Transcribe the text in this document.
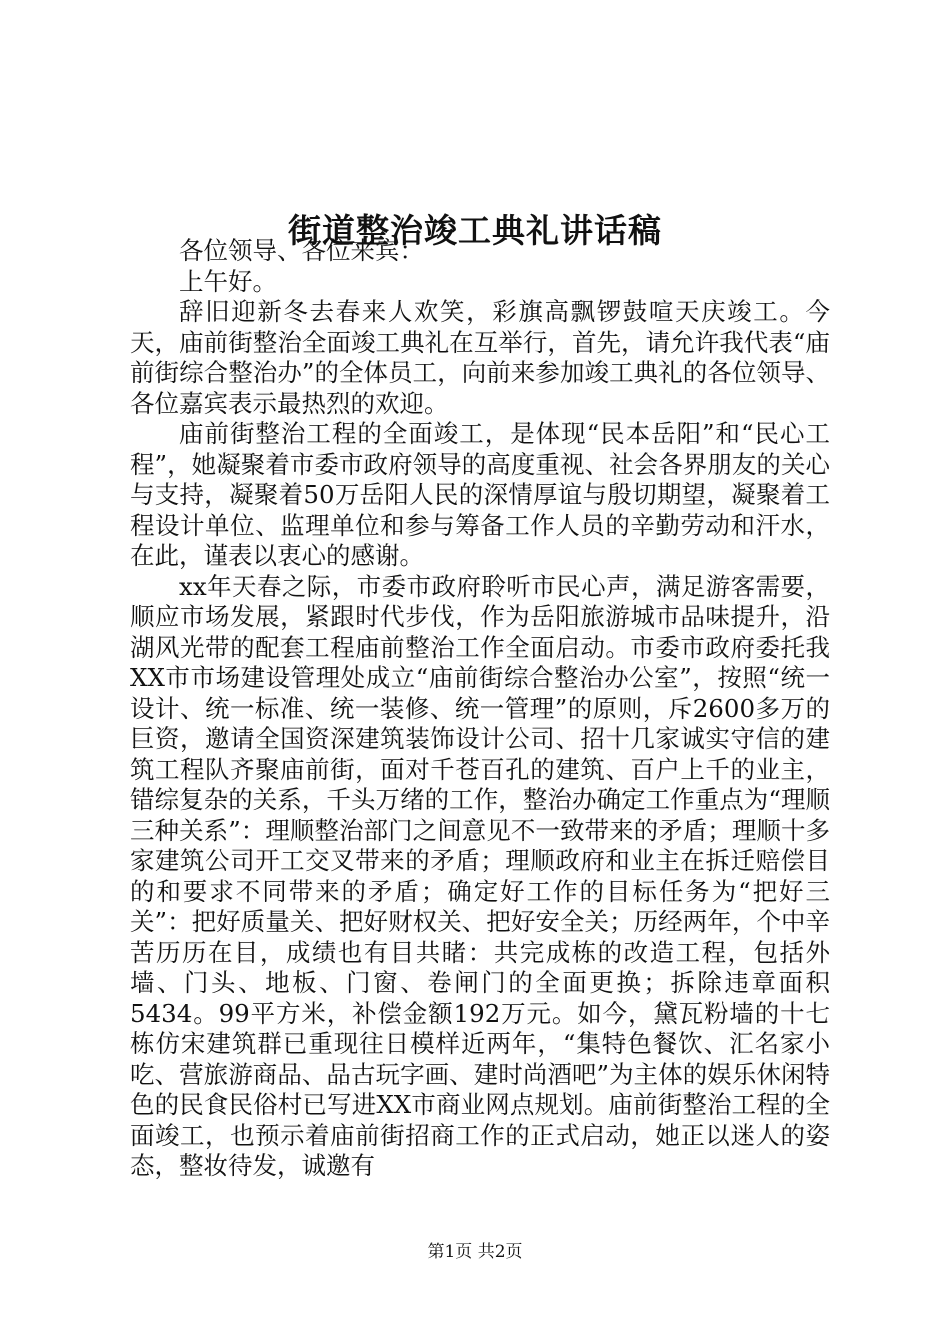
街道整治竣工典礼讲话稿

各位领导、各位来宾：

上午好。

辞旧迎新冬去春来人欢笑，彩旗高飘锣鼓喧天庆竣工。今天，庙前街整治全面竣工典礼在互举行，首先，请允许我代表“庙前街综合整治办”的全体员工，向前来参加竣工典礼的各位领导、各位嘉宾表示最热烈的欢迎。

庙前街整治工程的全面竣工，是体现“民本岳阳”和“民心工程”，她凝聚着市委市政府领导的高度重视、社会各界朋友的关心与支持，凝聚着50万岳阳人民的深情厚谊与殷切期望，凝聚着工程设计单位、监理单位和参与筹备工作人员的辛勤劳动和汗水，在此，谨表以衷心的感谢。

xx年天春之际，市委市政府聆听市民心声，满足游客需要，顺应市场发展，紧跟时代步伐，作为岳阳旅游城市品味提升，沿湖风光带的配套工程庙前整治工作全面启动。市委市政府委托我XX市市场建设管理处成立“庙前街综合整治办公室”，按照“统一设计、统一标准、统一装修、统一管理”的原则，斥2600多万的巨资，邀请全国资深建筑装饰设计公司、招十几家诚实守信的建筑工程队齐聚庙前街，面对千苍百孔的建筑、百户上千的业主，错综复杂的关系，千头万绪的工作，整治办确定工作重点为“理顺三种关系”：理顺整治部门之间意见不一致带来的矛盾；理顺十多家建筑公司开工交叉带来的矛盾；理顺政府和业主在拆迁赔偿目的和要求不同带来的矛盾；确定好工作的目标任务为“把好三关”：把好质量关、把好财权关、把好安全关；历经两年，个中辛苦历历在目，成绩也有目共睹：共完成栋的改造工程，包括外墙、门头、地板、门窗、卷闸门的全面更换；拆除违章面积5434。99平方米，补偿金额192万元。如今，黛瓦粉墙的十七栋仿宋建筑群已重现往日模样近两年，“集特色餐饮、汇名家小吃、营旅游商品、品古玩字画、建时尚酒吧”为主体的娱乐休闲特色的民食民俗村已写进XX市商业网点规划。庙前街整治工程的全面竣工，也预示着庙前街招商工作的正式启动，她正以迷人的姿态，整妆待发，诚邀有

第1页 共2页
